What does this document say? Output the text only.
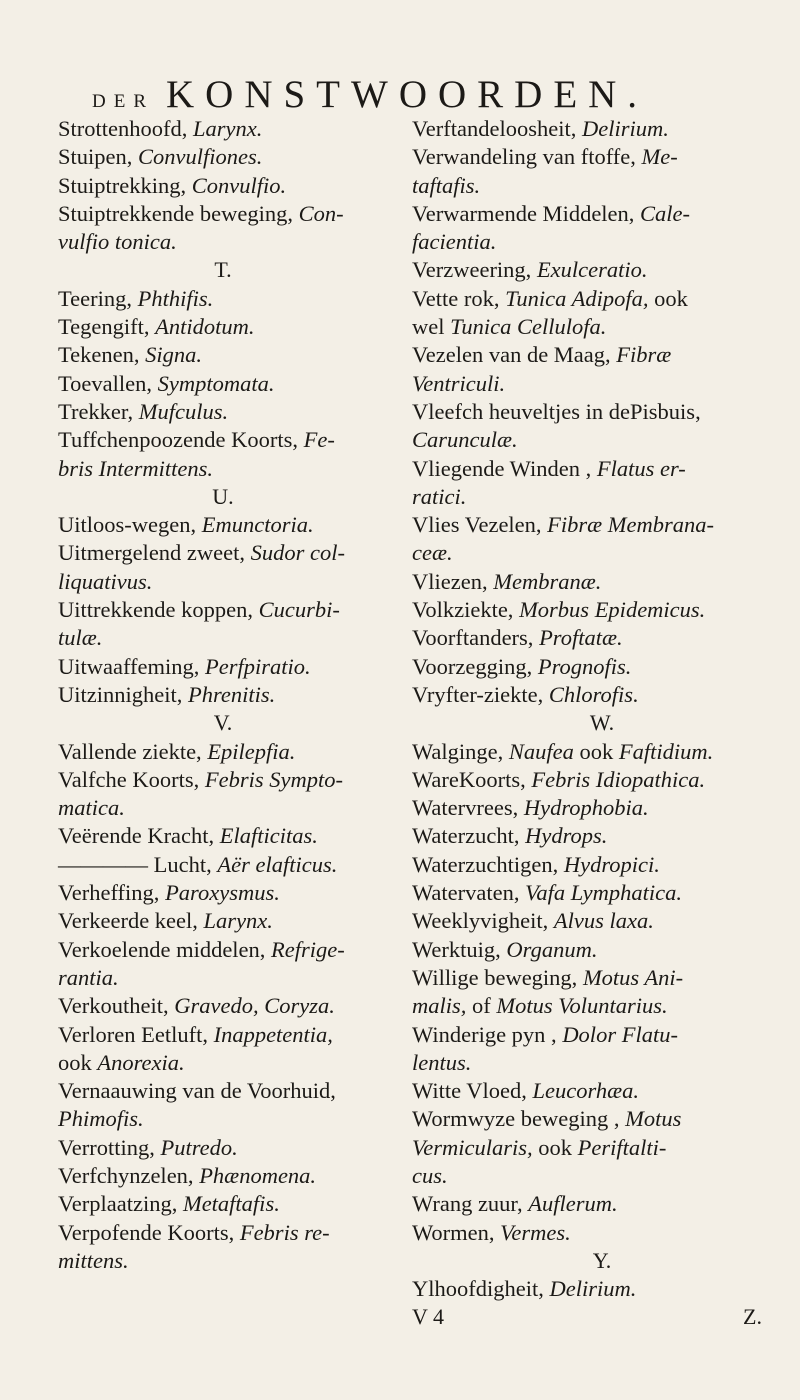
DER KONSTWOORDEN.

Strottenhoofd, Larynx.

Stuipen, Convulfiones.

Stuiptrekking, Convulfio.

Stuiptrekkende beweging, Con-

vulfio tonica.

T.

Teering, Phthifis.

Tegengift, Antidotum.

Tekenen, Signa.

Toevallen, Symptomata.

Trekker, Mufculus.

Tuffchenpoozende Koorts, Fe-

bris Intermittens.

U.

Uitloos-wegen, Emunctoria.

Uitmergelend zweet, Sudor col-

liquativus.

Uittrekkende koppen, Cucurbi-

tulæ.

Uitwaaffeming, Perfpiratio.

Uitzinnigheit, Phrenitis.

V.

Vallende ziekte, Epilepfia.

Valfche Koorts, Febris Sympto-

matica.

Veërende Kracht, Elafticitas.

———— Lucht, Aër elafticus.

Verheffing, Paroxysmus.

Verkeerde keel, Larynx.

Verkoelende middelen, Refrige-

rantia.

Verkoutheit, Gravedo, Coryza.

Verloren Eetluft, Inappetentia,

ook Anorexia.

Vernaauwing van de Voorhuid,

Phimofis.

Verrotting, Putredo.

Verfchynzelen, Phænomena.

Verplaatzing, Metaftafis.

Verpofende Koorts, Febris re-

mittens.

Verftandeloosheit, Delirium.

Verwandeling van ftoffe, Me-

taftafis.

Verwarmende Middelen, Cale-

facientia.

Verzweering, Exulceratio.

Vette rok, Tunica Adipofa, ook

wel Tunica Cellulofa.

Vezelen van de Maag, Fibræ

Ventriculi.

Vleefch heuveltjes in dePisbuis,

Carunculæ.

Vliegende Winden , Flatus er-

ratici.

Vlies Vezelen, Fibræ Membrana-

ceæ.

Vliezen, Membranæ.

Volkziekte, Morbus Epidemicus.

Voorftanders, Proftatæ.

Voorzegging, Prognofis.

Vryfter-ziekte, Chlorofis.

W.

Walginge, Naufea ook Faftidium.

WareKoorts, Febris Idiopathica.

Watervrees, Hydrophobia.

Waterzucht, Hydrops.

Waterzuchtigen, Hydropici.

Watervaten, Vafa Lymphatica.

Weeklyvigheit, Alvus laxa.

Werktuig, Organum.

Willige beweging, Motus Ani-

malis, of Motus Voluntarius.

Winderige pyn , Dolor Flatu-

lentus.

Witte Vloed, Leucorhæa.

Wormwyze beweging , Motus

Vermicularis, ook Periftalti-

cus.

Wrang zuur, Auflerum.

Wormen, Vermes.

Y.

Ylhoofdigheit, Delirium.

V 4	Z.
